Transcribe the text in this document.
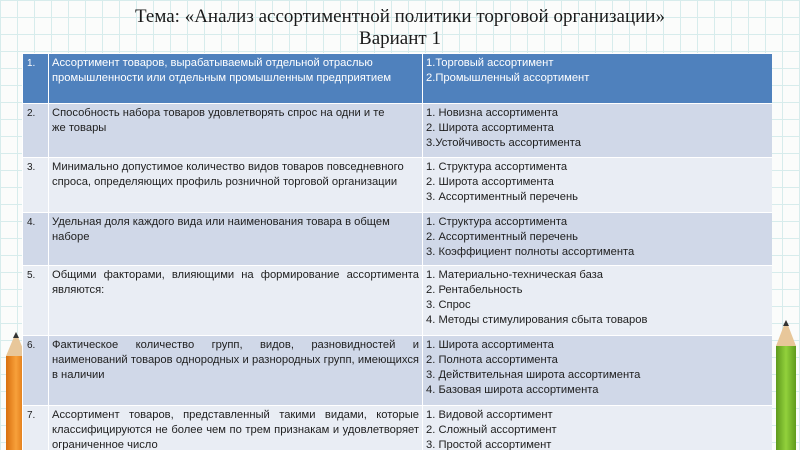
Тема: «Анализ ассортиментной политики торговой организации»
Вариант 1
1.	Ассортимент товаров, вырабатываемый отдельной отраслью
промышленности или отдельным промышленным предприятием	1.Торговый ассортимент
2.Промышленный ассортимент

2.	Способность набора товаров удовлетворять спрос на одни и те
же товары	1. Новизна ассортимента
2. Широта ассортимента
3.Устойчивость ассортимента

3.	Минимально допустимое количество видов товаров повседневного
спроса, определяющих профиль розничной торговой организации	1. Структура ассортимента
2. Широта ассортимента
3. Ассортиментный перечень

4.	Удельная доля каждого вида или наименования товара в общем
наборе	1. Структура ассортимента
2. Ассортиментный перечень
3. Коэффициент полноты ассортимента

5.	Общими факторами, влияющими на формирование ассортимента являются:	1. Материально-техническая база
2. Рентабельность
3. Спрос
4. Методы стимулирования сбыта товаров

6.	Фактическое количество групп, видов, разновидностей и наименований товаров однородных и разнородных групп, имеющихся в наличии	1. Широта ассортимента
2. Полнота ассортимента
3. Действительная широта ассортимента
4. Базовая широта ассортимента

7.	Ассортимент товаров, представленный такими видами, которые классифицируются не более чем по трем признакам и удовлетворяет ограниченное число	1. Видовой ассортимент
2. Сложный ассортимент
3. Простой ассортимент
